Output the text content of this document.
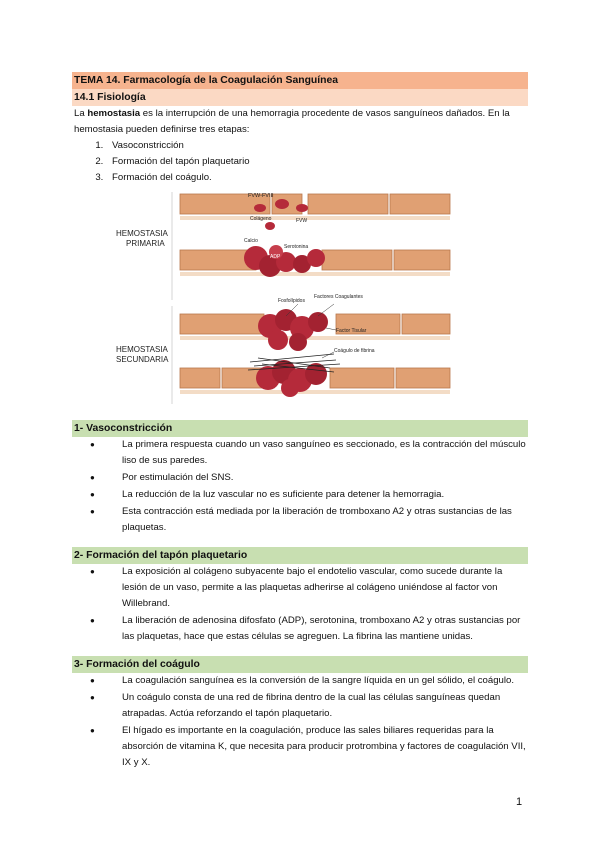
TEMA 14. Farmacología de la Coagulación Sanguínea
14.1 Fisiología

La hemostasia es la interrupción de una hemorragia procedente de vasos sanguíneos dañados. En la hemostasia pueden definirse tres etapas:

1. Vasoconstricción
2. Formación del tapón plaquetario
3. Formación del coágulo.
FVW-FVIII
Colágeno	FVW
Calcio
Serotonina
ADP
HEMOSTASIA
PRIMARIA
Fosfolípidos
Factores Coagulantes
Factor Tisular
Coágulo de fibrina
HEMOSTASIA
SECUNDARIA
1- Vasoconstricción
● La primera respuesta cuando un vaso sanguíneo es seccionado, es la contracción del músculo liso de sus paredes.
● Por estimulación del SNS.
● La reducción de la luz vascular no es suficiente para detener la hemorragia.
● Esta contracción está mediada por la liberación de tromboxano A2 y otras sustancias de las plaquetas.
2- Formación del tapón plaquetario
● La exposición al colágeno subyacente bajo el endotelio vascular, como sucede durante la lesión de un vaso, permite a las plaquetas adherirse al colágeno uniéndose al factor von Willebrand.
● La liberación de adenosina difosfato (ADP), serotonina, tromboxano A2 y otras sustancias por las plaquetas, hace que estas células se agreguen. La fibrina las mantiene unidas.
3- Formación del coágulo
● La coagulación sanguínea es la conversión de la sangre líquida en un gel sólido, el coágulo.
● Un coágulo consta de una red de fibrina dentro de la cual las células sanguíneas quedan atrapadas. Actúa reforzando el tapón plaquetario.
● El hígado es importante en la coagulación, produce las sales biliares requeridas para la absorción de vitamina K, que necesita para producir protrombina y factores de coagulación VII, IX y X.
1
